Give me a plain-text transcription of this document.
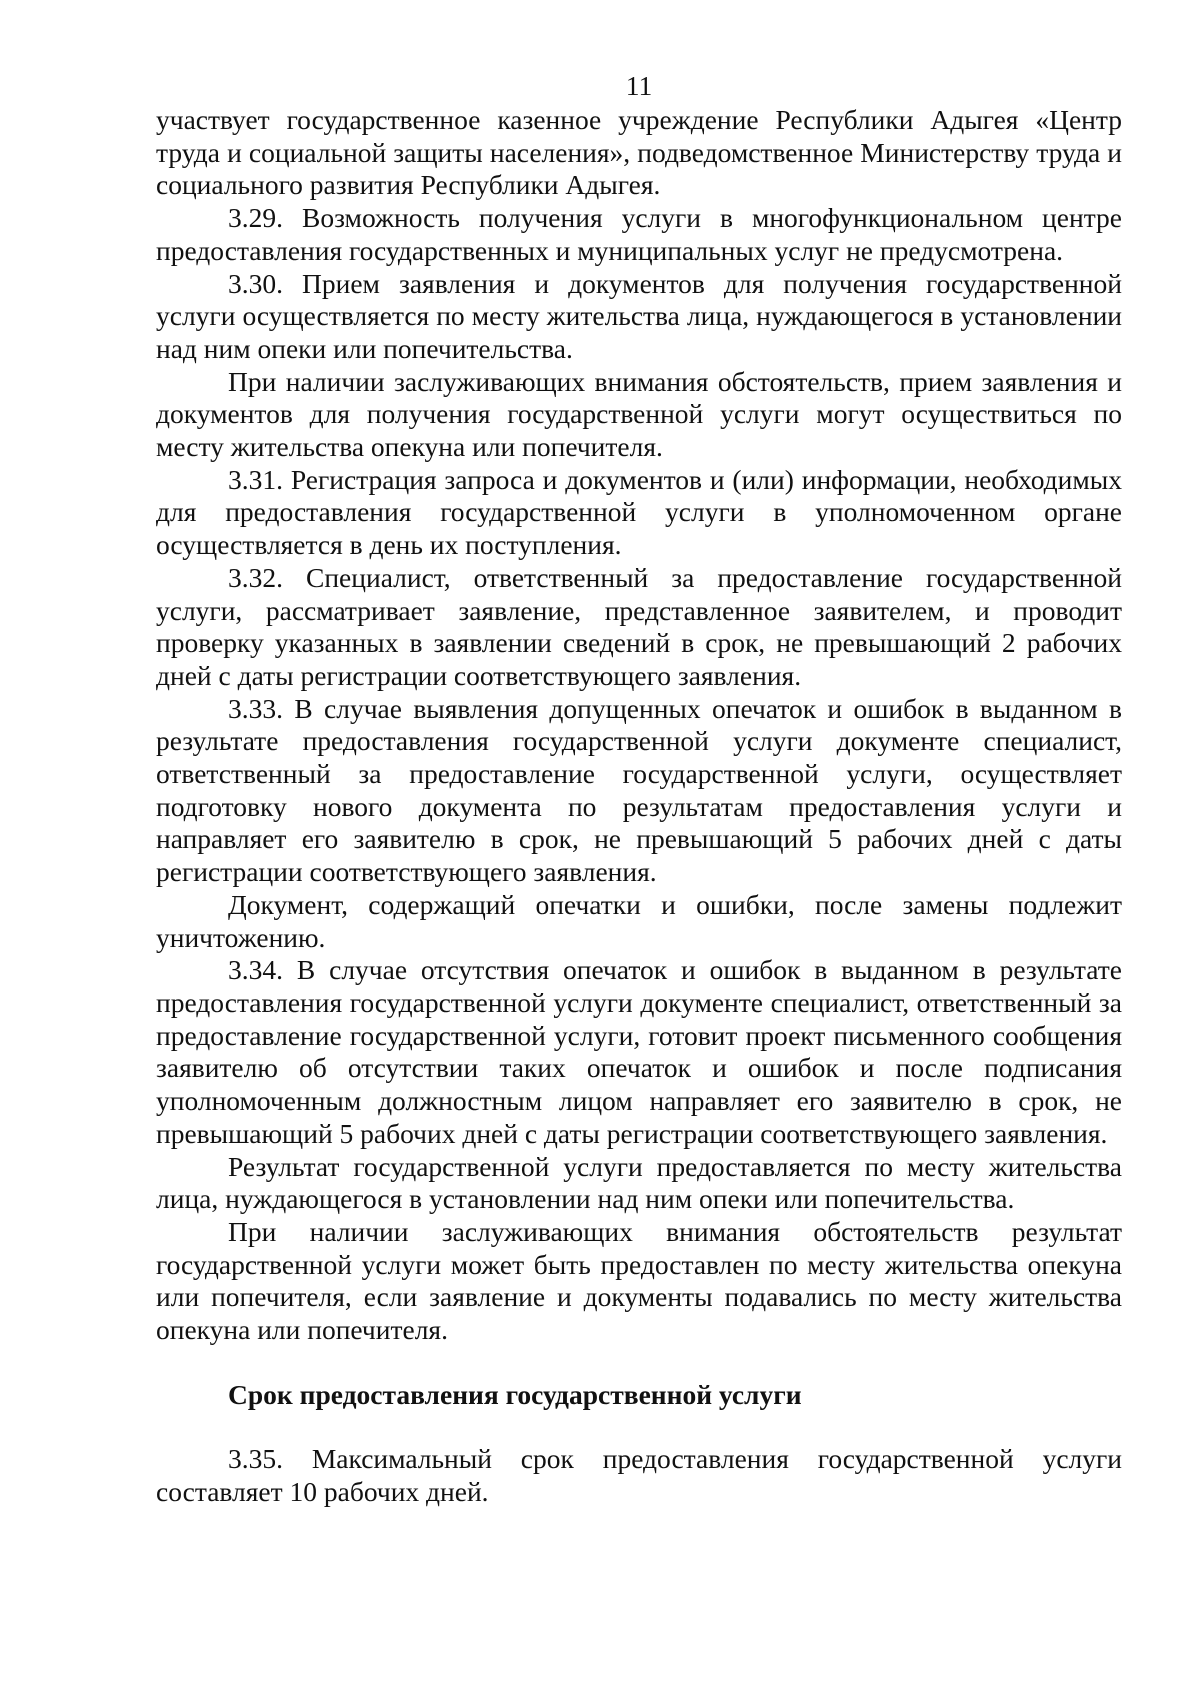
11

участвует государственное казенное учреждение Республики Адыгея «Центр труда и социальной защиты населения», подведомственное Министерству труда и социального развития Республики Адыгея.

3.29. Возможность получения услуги в многофункциональном центре предоставления государственных и муниципальных услуг не предусмотрена.

3.30. Прием заявления и документов для получения государственной услуги осуществляется по месту жительства лица, нуждающегося в установлении над ним опеки или попечительства.

При наличии заслуживающих внимания обстоятельств, прием заявления и документов для получения государственной услуги могут осуществиться по месту жительства опекуна или попечителя.

3.31. Регистрация запроса и документов и (или) информации, необходимых для предоставления государственной услуги в уполномоченном органе осуществляется в день их поступления.

3.32. Специалист, ответственный за предоставление государственной услуги, рассматривает заявление, представленное заявителем, и проводит проверку указанных в заявлении сведений в срок, не превышающий 2 рабочих дней с даты регистрации соответствующего заявления.

3.33. В случае выявления допущенных опечаток и ошибок в выданном в результате предоставления государственной услуги документе специалист, ответственный за предоставление государственной услуги, осуществляет подготовку нового документа по результатам предоставления услуги и направляет его заявителю в срок, не превышающий 5 рабочих дней с даты регистрации соответствующего заявления.

Документ, содержащий опечатки и ошибки, после замены подлежит уничтожению.

3.34. В случае отсутствия опечаток и ошибок в выданном в результате предоставления государственной услуги документе специалист, ответственный за предоставление государственной услуги, готовит проект письменного сообщения заявителю об отсутствии таких опечаток и ошибок и после подписания уполномоченным должностным лицом направляет его заявителю в срок, не превышающий 5 рабочих дней с даты регистрации соответствующего заявления.

Результат государственной услуги предоставляется по месту жительства лица, нуждающегося в установлении над ним опеки или попечительства.

При наличии заслуживающих внимания обстоятельств результат государственной услуги может быть предоставлен по месту жительства опекуна или попечителя, если заявление и документы подавались по месту жительства опекуна или попечителя.

Срок предоставления государственной услуги

3.35. Максимальный срок предоставления государственной услуги составляет 10 рабочих дней.
